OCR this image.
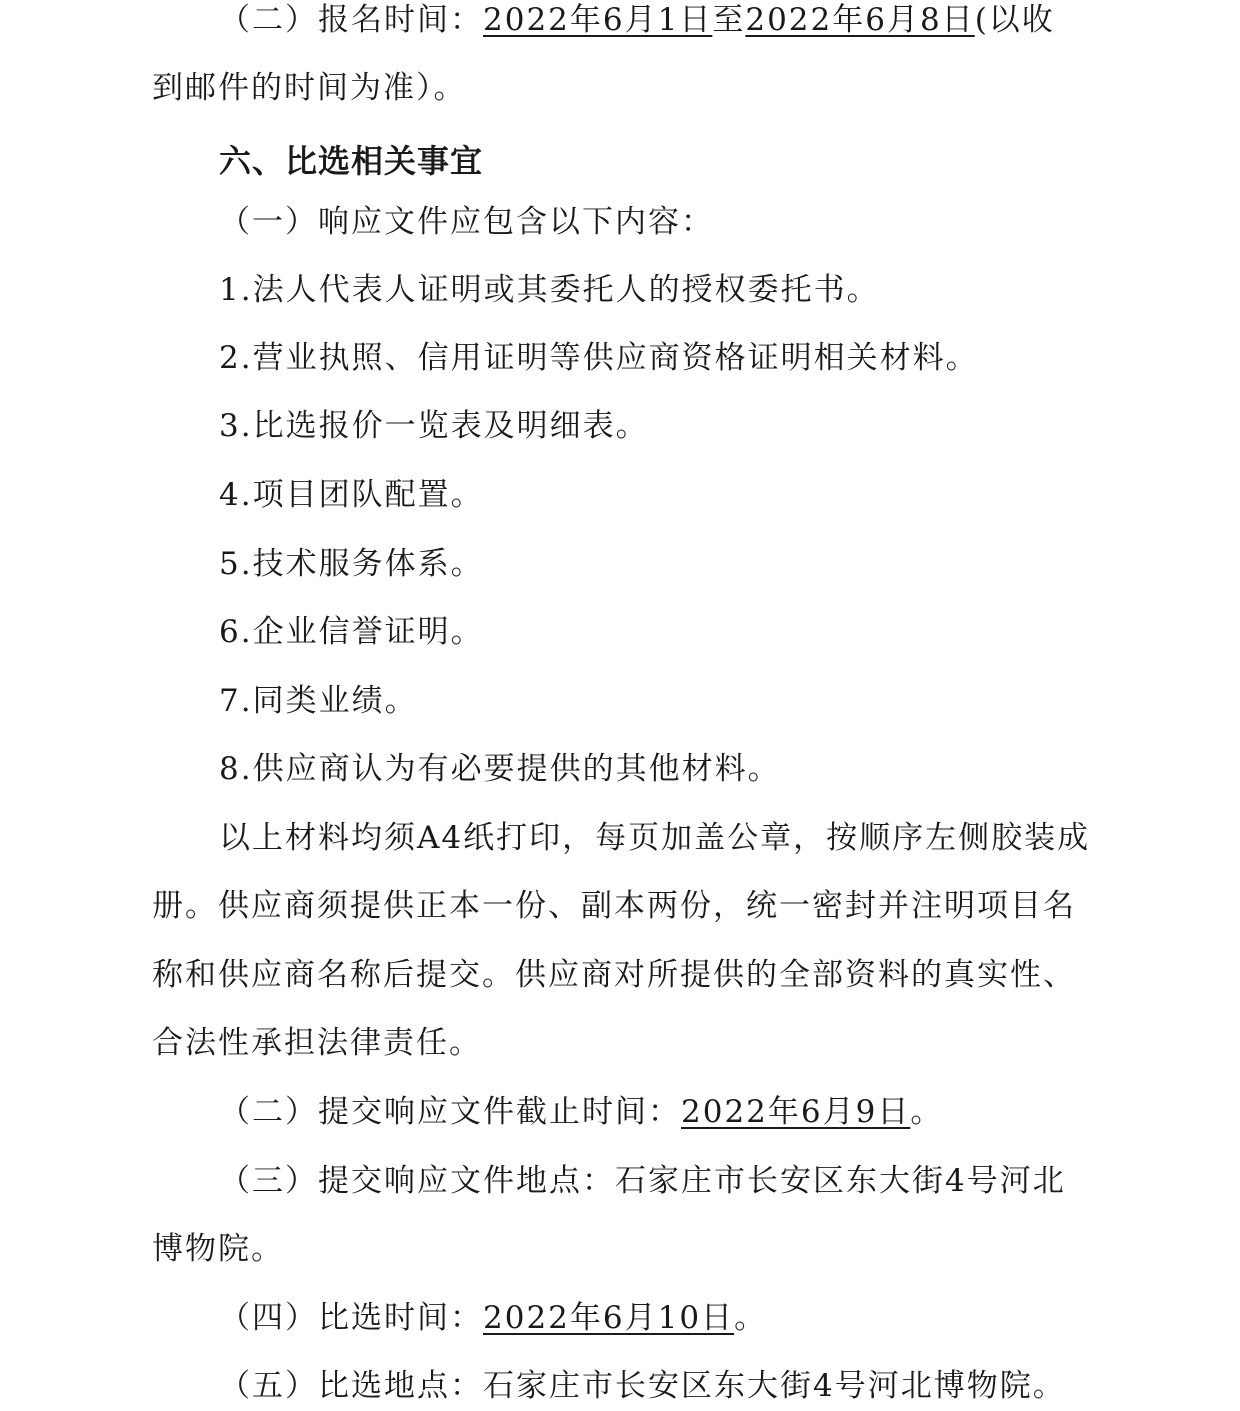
（二）报名时间：2022年6月1日至2022年6月8日(以收
到邮件的时间为准）。
六、比选相关事宜
（一）响应文件应包含以下内容：
1.法人代表人证明或其委托人的授权委托书。
2.营业执照、信用证明等供应商资格证明相关材料。
3.比选报价一览表及明细表。
4.项目团队配置。
5.技术服务体系。
6.企业信誉证明。
7.同类业绩。
8.供应商认为有必要提供的其他材料。
以上材料均须A4纸打印，每页加盖公章，按顺序左侧胶装成
册。供应商须提供正本一份、副本两份，统一密封并注明项目名
称和供应商名称后提交。供应商对所提供的全部资料的真实性、
合法性承担法律责任。
（二）提交响应文件截止时间：2022年6月9日。
（三）提交响应文件地点：石家庄市长安区东大街4号河北
博物院。
（四）比选时间：2022年6月10日。
（五）比选地点：石家庄市长安区东大街4号河北博物院。
